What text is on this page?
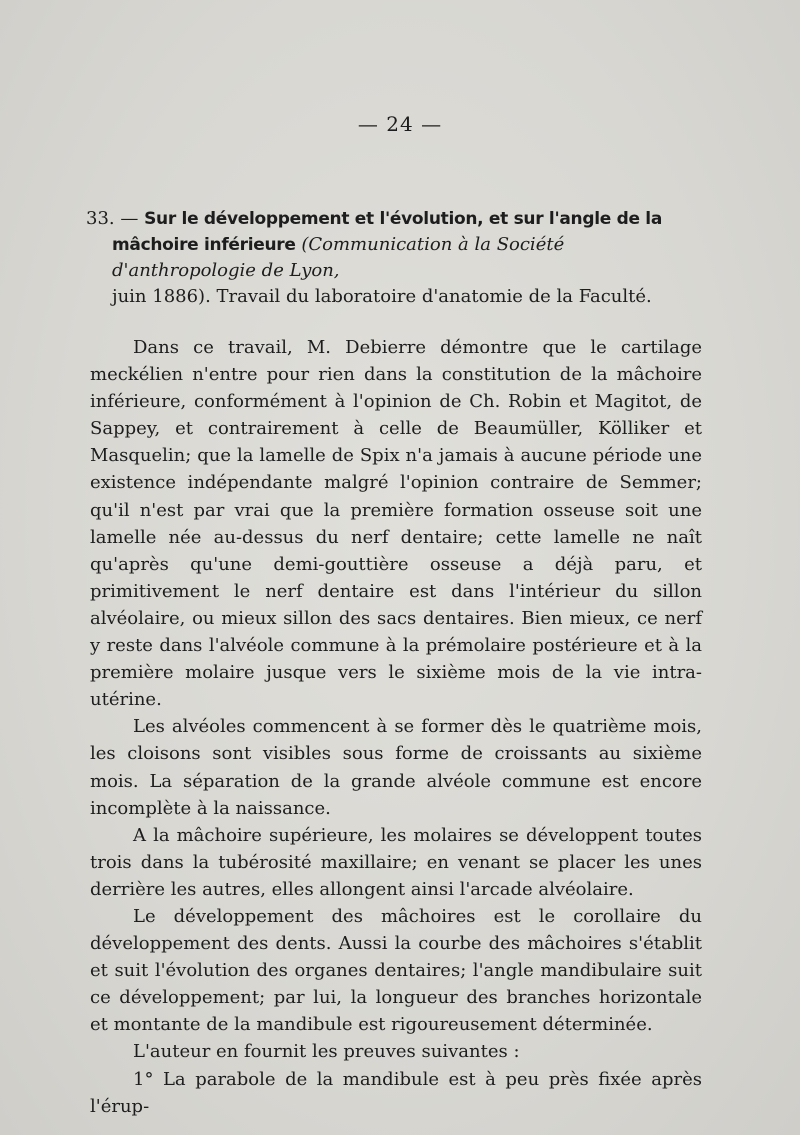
— 24 —
33. — Sur le développement et l'évolution, et sur l'angle de la mâchoire inférieure (Communication à la Société d'anthropologie de Lyon,
juin 1886). Travail du laboratoire d'anatomie de la Faculté.

Dans ce travail, M. Debierre démontre que le cartilage meckélien n'entre pour rien dans la constitution de la mâchoire inférieure, conformément à l'opinion de Ch. Robin et Magitot, de Sappey, et contrairement à celle de Beaumüller, Kölliker et Masquelin; que la lamelle de Spix n'a jamais à aucune période une existence indépendante malgré l'opinion contraire de Semmer; qu'il n'est par vrai que la première formation osseuse soit une lamelle née au-dessus du nerf dentaire; cette lamelle ne naît qu'après qu'une demi-gouttière osseuse a déjà paru, et primitivement le nerf dentaire est dans l'intérieur du sillon alvéolaire, ou mieux sillon des sacs dentaires. Bien mieux, ce nerf y reste dans l'alvéole commune à la prémolaire postérieure et à la première molaire jusque vers le sixième mois de la vie intra-utérine.

Les alvéoles commencent à se former dès le quatrième mois, les cloisons sont visibles sous forme de croissants au sixième mois. La séparation de la grande alvéole commune est encore incomplète à la naissance.

A la mâchoire supérieure, les molaires se développent toutes trois dans la tubérosité maxillaire; en venant se placer les unes derrière les autres, elles allongent ainsi l'arcade alvéolaire.

Le développement des mâchoires est le corollaire du développement des dents. Aussi la courbe des mâchoires s'établit et suit l'évolution des organes dentaires; l'angle mandibulaire suit ce développement; par lui, la longueur des branches horizontale et montante de la mandibule est rigoureusement déterminée.

L'auteur en fournit les preuves suivantes :

1° La parabole de la mandibule est à peu près fixée après l'érup-
